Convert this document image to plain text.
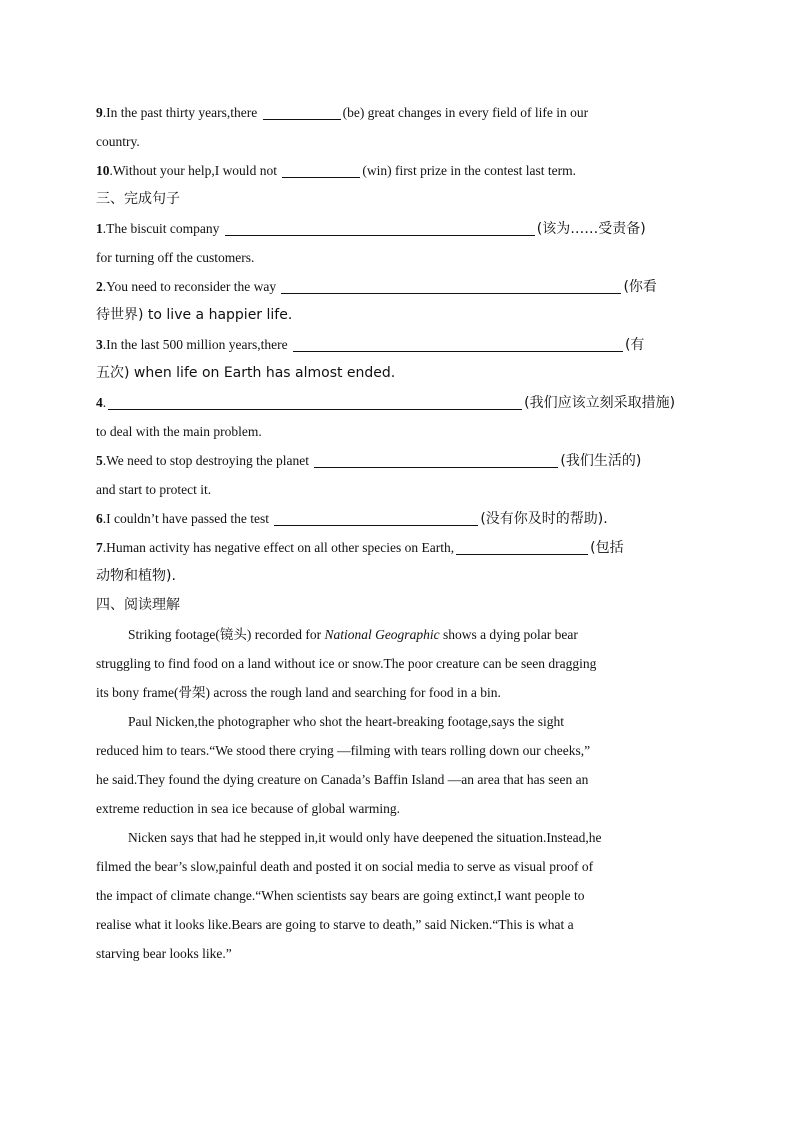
9.In the past thirty years,there	(be) great changes in every field of life in our
country.
10.Without your help,I would not	(win) first prize in the contest last term.
三、完成句子
1.The biscuit company	(该为……受责备)
for turning off the customers.
2.You need to reconsider the way	(你看
待世界) to live a happier life.
3.In the last 500 million years,there	(有
五次) when life on Earth has almost ended.
4.	(我们应该立刻采取措施)
to deal with the main problem.
5.We need to stop destroying the planet	(我们生活的)
and start to protect it.
6.I couldn’t have passed the test	(没有你及时的帮助).
7.Human activity has negative effect on all other species on Earth,	(包括
动物和植物).
四、阅读理解
Striking footage(镜头) recorded for National Geographic shows a dying polar bear
struggling to find food on a land without ice or snow.The poor creature can be seen dragging
its bony frame(骨架) across the rough land and searching for food in a bin.
Paul Nicken,the photographer who shot the heart-breaking footage,says the sight
reduced him to tears.“We stood there crying —filming with tears rolling down our cheeks,”
he said.They found the dying creature on Canada’s Baffin Island —an area that has seen an
extreme reduction in sea ice because of global warming.
Nicken says that had he stepped in,it would only have deepened the situation.Instead,he
filmed the bear’s slow,painful death and posted it on social media to serve as visual proof of
the impact of climate change.“When scientists say bears are going extinct,I want people to
realise what it looks like.Bears are going to starve to death,” said Nicken.“This is what a
starving bear looks like.”
